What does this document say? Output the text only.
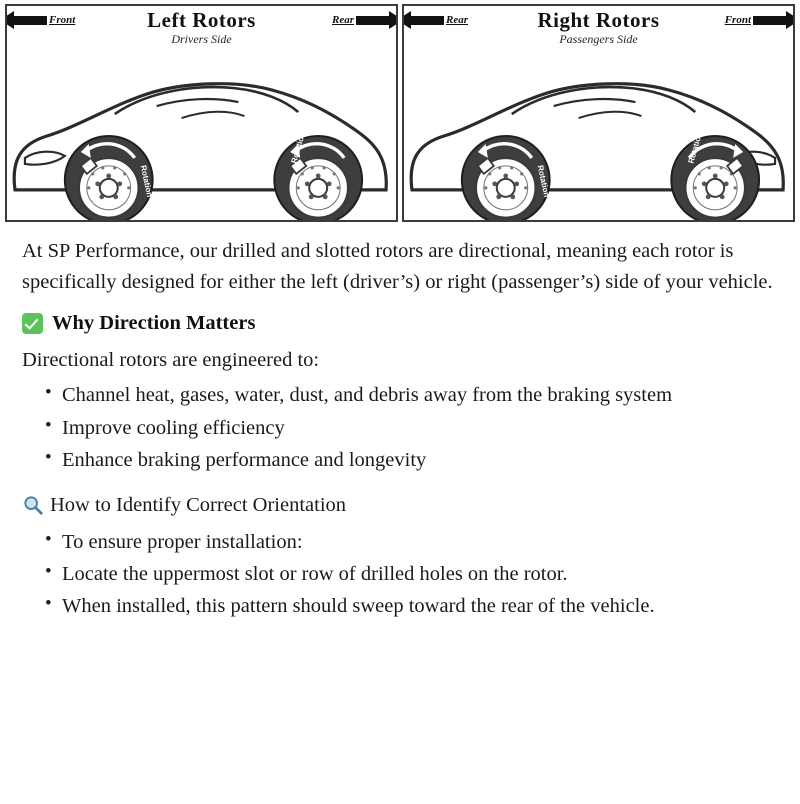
Left Rotors
Drivers Side
Front	Rear
Rotation
Rotation
Right Rotors
Passengers Side
Rear	Front
Rotation
Rotation

At SP Performance, our drilled and slotted rotors are directional, meaning each rotor is specifically designed for either the left (driver’s) or right (passenger’s) side of your vehicle.

Why Direction Matters

Directional rotors are engineered to:

• Channel heat, gases, water, dust, and debris away from the braking system
• Improve cooling efficiency
• Enhance braking performance and longevity
How to Identify Correct Orientation
• To ensure proper installation:
• Locate the uppermost slot or row of drilled holes on the rotor.
• When installed, this pattern should sweep toward the rear of the vehicle.
